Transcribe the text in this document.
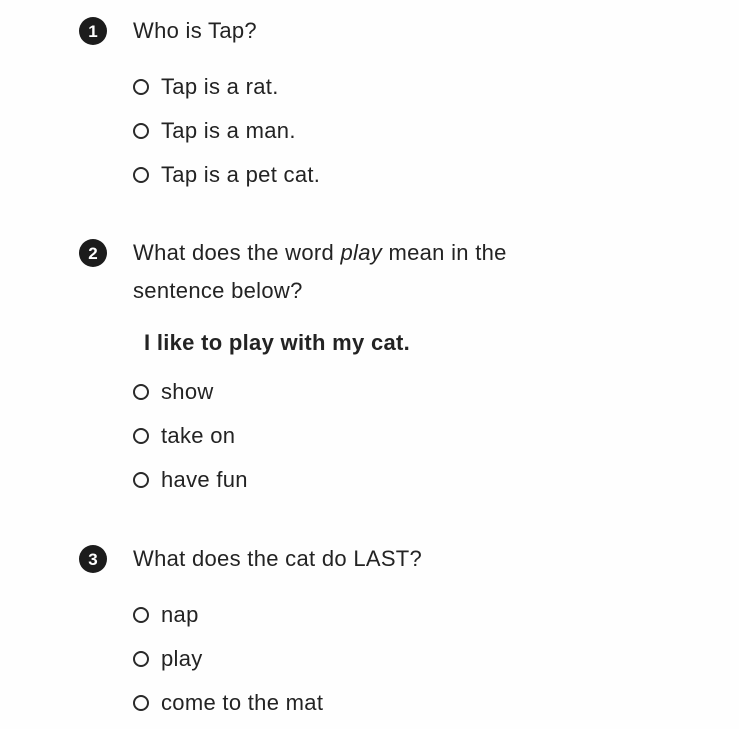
1	Who is Tap?
Tap is a rat.
Tap is a man.
Tap is a pet cat.
2	What does the word play mean in the
sentence below?
I like to play with my cat.
show
take on
have fun
3	What does the cat do LAST?
nap
play
come to the mat
